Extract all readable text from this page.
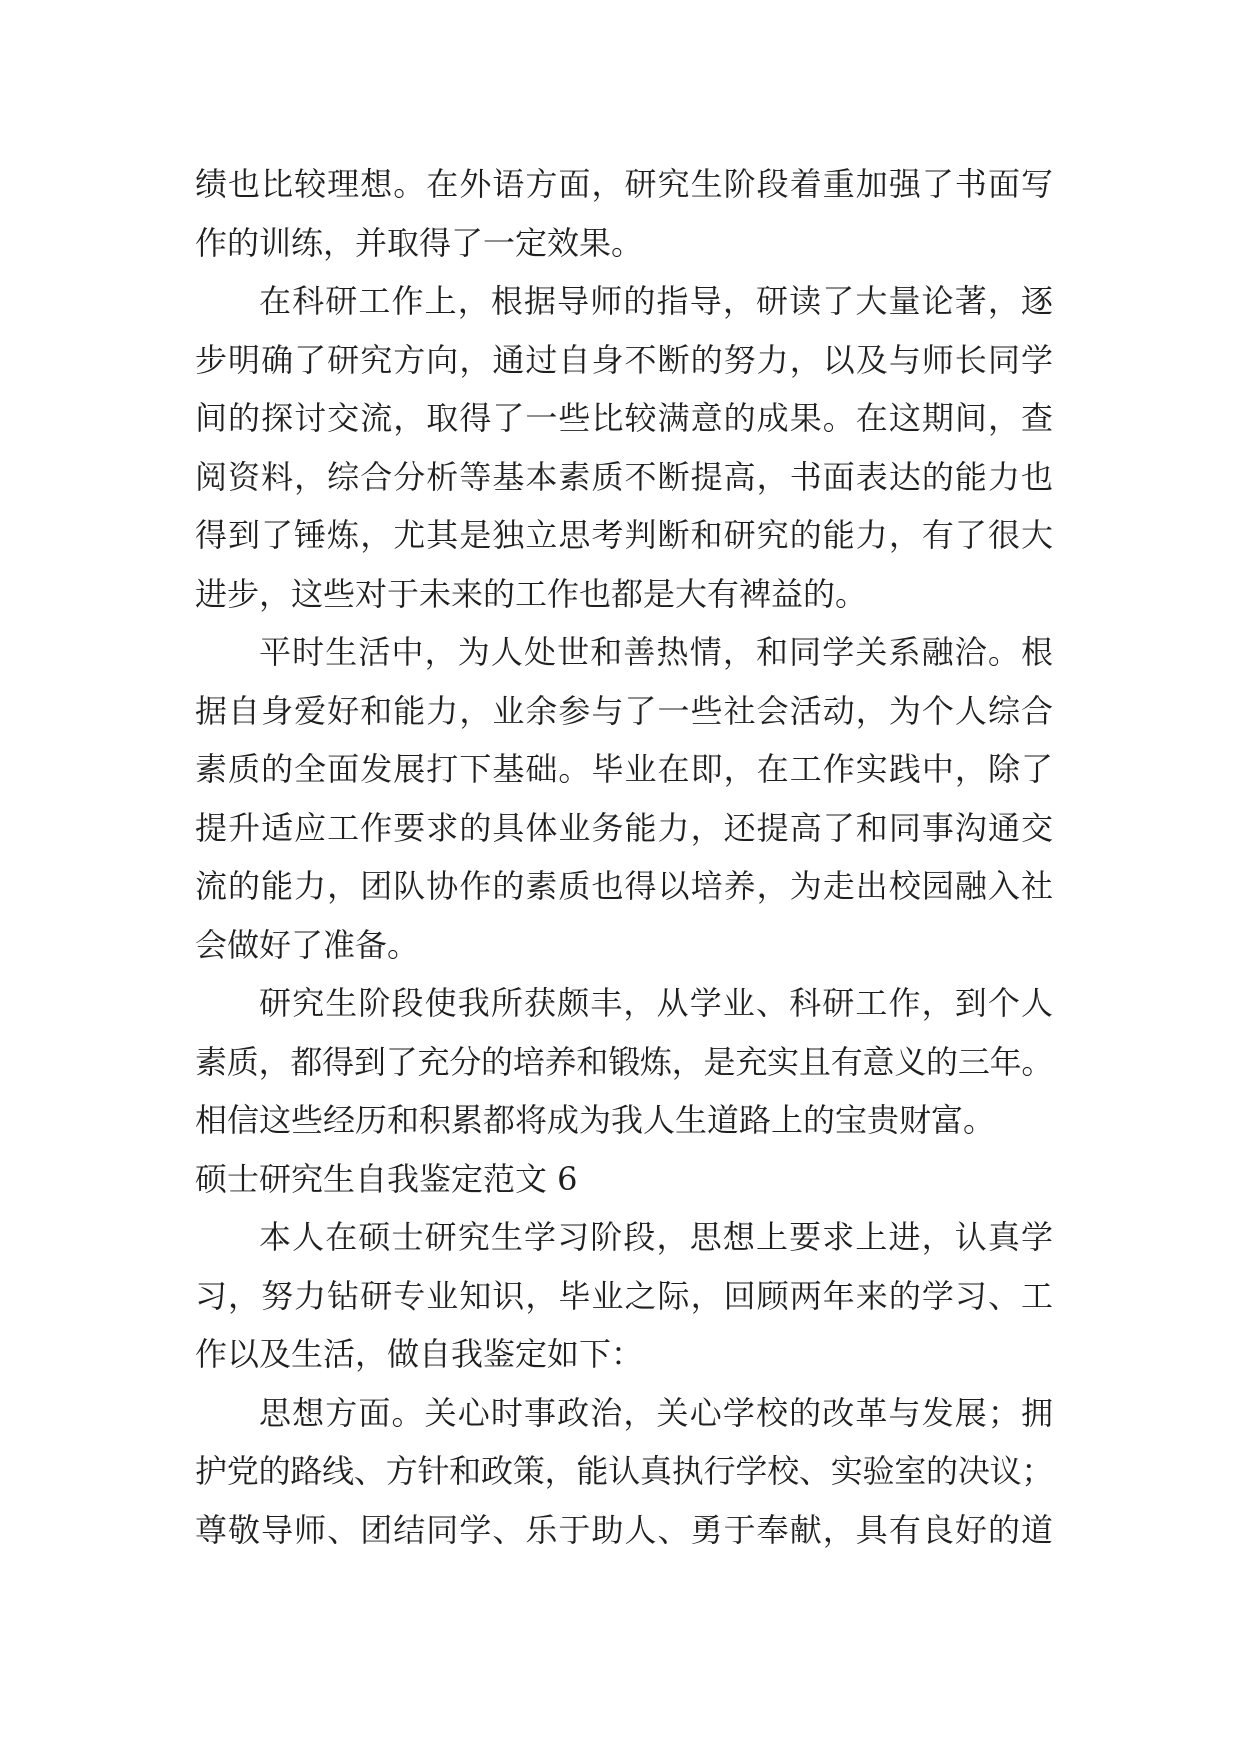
绩也比较理想。在外语方面，研究生阶段着重加强了书面写
作的训练，并取得了一定效果。
在科研工作上，根据导师的指导，研读了大量论著，逐
步明确了研究方向，通过自身不断的努力，以及与师长同学
间的探讨交流，取得了一些比较满意的成果。在这期间，查
阅资料，综合分析等基本素质不断提高，书面表达的能力也
得到了锤炼，尤其是独立思考判断和研究的能力，有了很大
进步，这些对于未来的工作也都是大有裨益的。
平时生活中，为人处世和善热情，和同学关系融洽。根
据自身爱好和能力，业余参与了一些社会活动，为个人综合
素质的全面发展打下基础。毕业在即，在工作实践中，除了
提升适应工作要求的具体业务能力，还提高了和同事沟通交
流的能力，团队协作的素质也得以培养，为走出校园融入社
会做好了准备。
研究生阶段使我所获颇丰，从学业、科研工作，到个人
素质，都得到了充分的培养和锻炼，是充实且有意义的三年。
相信这些经历和积累都将成为我人生道路上的宝贵财富。
硕士研究生自我鉴定范文 6
本人在硕士研究生学习阶段，思想上要求上进，认真学
习，努力钻研专业知识，毕业之际，回顾两年来的学习、工
作以及生活，做自我鉴定如下：
思想方面。关心时事政治，关心学校的改革与发展；拥
护党的路线、方针和政策，能认真执行学校、实验室的决议；
尊敬导师、团结同学、乐于助人、勇于奉献，具有良好的道
